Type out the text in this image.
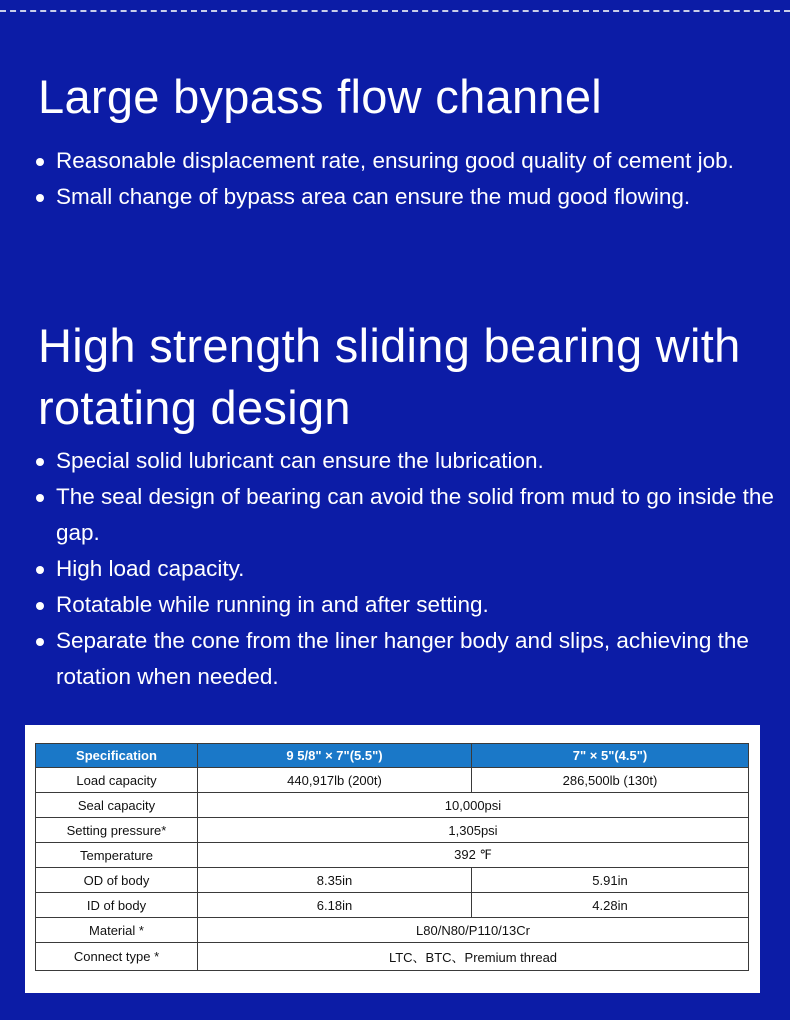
Large bypass flow channel
Reasonable displacement rate, ensuring good quality of cement job.
Small change of bypass area can ensure the mud good flowing.
High strength sliding bearing with rotating design
Special solid lubricant can ensure the lubrication.
The seal design of bearing can avoid the solid from mud to go inside the gap.
High load capacity.
Rotatable while running in and after setting.
Separate the cone from the liner hanger body and slips, achieving the rotation when needed.
Specification	9 5/8" × 7"(5.5")	7" × 5"(4.5")
Load capacity	440,917lb (200t)	286,500lb (130t)
Seal capacity	10,000psi	
Setting pressure*	1,305psi	
Temperature	392 ℉	
OD of body	8.35in	5.91in
ID of body	6.18in	4.28in
Material *	L80/N80/P110/13Cr	
Connect type *	LTC、BTC、Premium thread	
